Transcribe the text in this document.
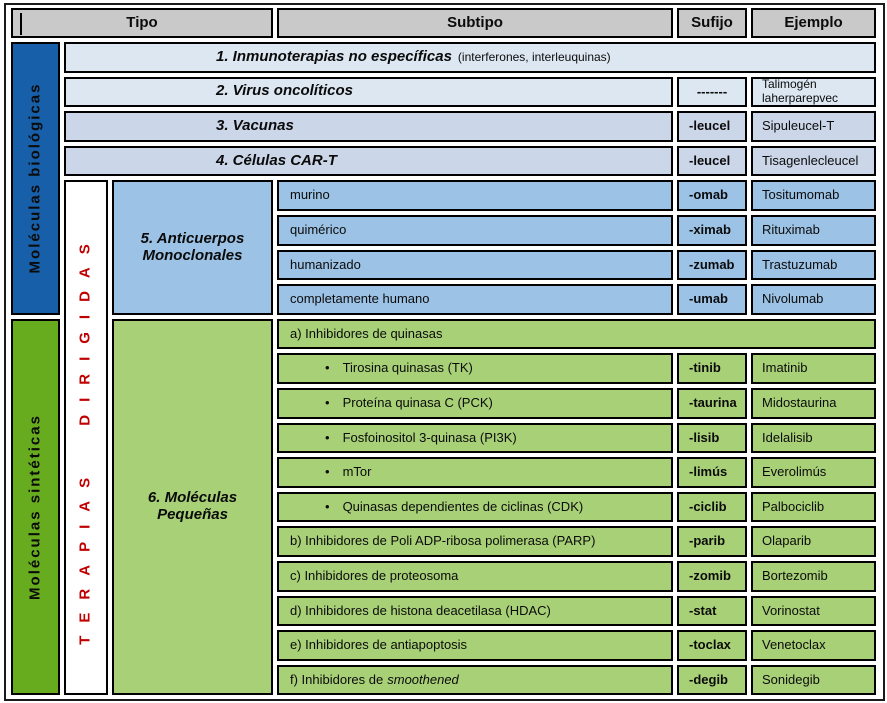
Tipo	Subtipo	Sufijo	Ejemplo
Moléculas biológicas
Moléculas sintéticas TERAPIAS DIRIGIDAS
1. Inmunoterapias no específicas (interferones, interleuquinas)
2. Virus oncolíticos	-------	Talimogén laherparepvec
3. Vacunas	-leucel Sipuleucel-T
4. Células CAR-T	-leucel Tisagenlecleucel
5. Anticuerpos Monoclonales
murino	-omab	Tositumomab
quimérico	-ximab Rituximab
humanizado	-zumab Trastuzumab
completamente humano	-umab	Nivolumab
6. Moléculas Pequeñas
a) Inhibidores de quinasas
• Tirosina quinasas (TK)	-tinib	Imatinib
• Proteína quinasa C (PCK)	-taurina Midostaurina
• Fosfoinositol 3-quinasa (PI3K)	-lisib	Idelalisib
• mTor	-limús	Everolimús
• Quinasas dependientes de ciclinas (CDK)	-ciclib	Palbociclib
b) Inhibidores de Poli ADP-ribosa polimerasa (PARP)	-parib	Olaparib
c) Inhibidores de proteosoma	-zomib Bortezomib
d) Inhibidores de histona deacetilasa (HDAC)	-stat	Vorinostat
e) Inhibidores de antiapoptosis	-toclax Venetoclax
f) Inhibidores de smoothened	-degib	Sonidegib
